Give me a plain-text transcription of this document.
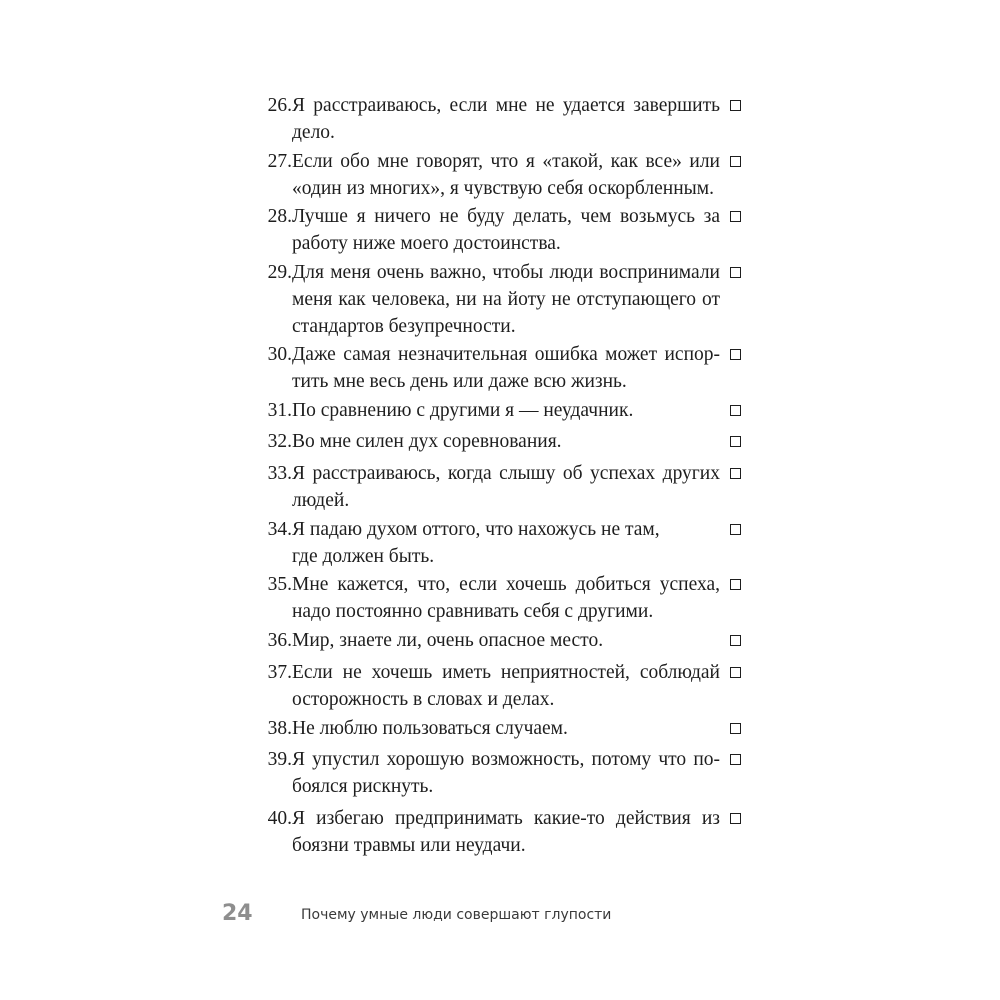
26. Я расстраиваюсь, если мне не удается завершить
дело.
27. Если обо мне говорят, что я «такой, как все» или
«один из многих», я чувствую себя оскорбленным.
28. Лучше я ничего не буду делать, чем возьмусь за
работу ниже моего достоинства.
29. Для меня очень важно, чтобы люди воспринимали
меня как человека, ни на йоту не отступающего от
стандартов безупречности.
30. Даже самая незначительная ошибка может испор-
тить мне весь день или даже всю жизнь.
31. По сравнению с другими я — неудачник.
32. Во мне силен дух соревнования.
33. Я расстраиваюсь, когда слышу об успехах других
людей.
34. Я падаю духом оттого, что нахожусь не там,
где должен быть.
35. Мне кажется, что, если хочешь добиться успеха,
надо постоянно сравнивать себя с другими.
36. Мир, знаете ли, очень опасное место.
37. Если не хочешь иметь неприятностей, соблюдай
осторожность в словах и делах.
38. Не люблю пользоваться случаем.
39. Я упустил хорошую возможность, потому что по-
боялся рискнуть.
40. Я избегаю предпринимать какие-то действия из
боязни травмы или неудачи.
24	Почему умные люди совершают глупости
